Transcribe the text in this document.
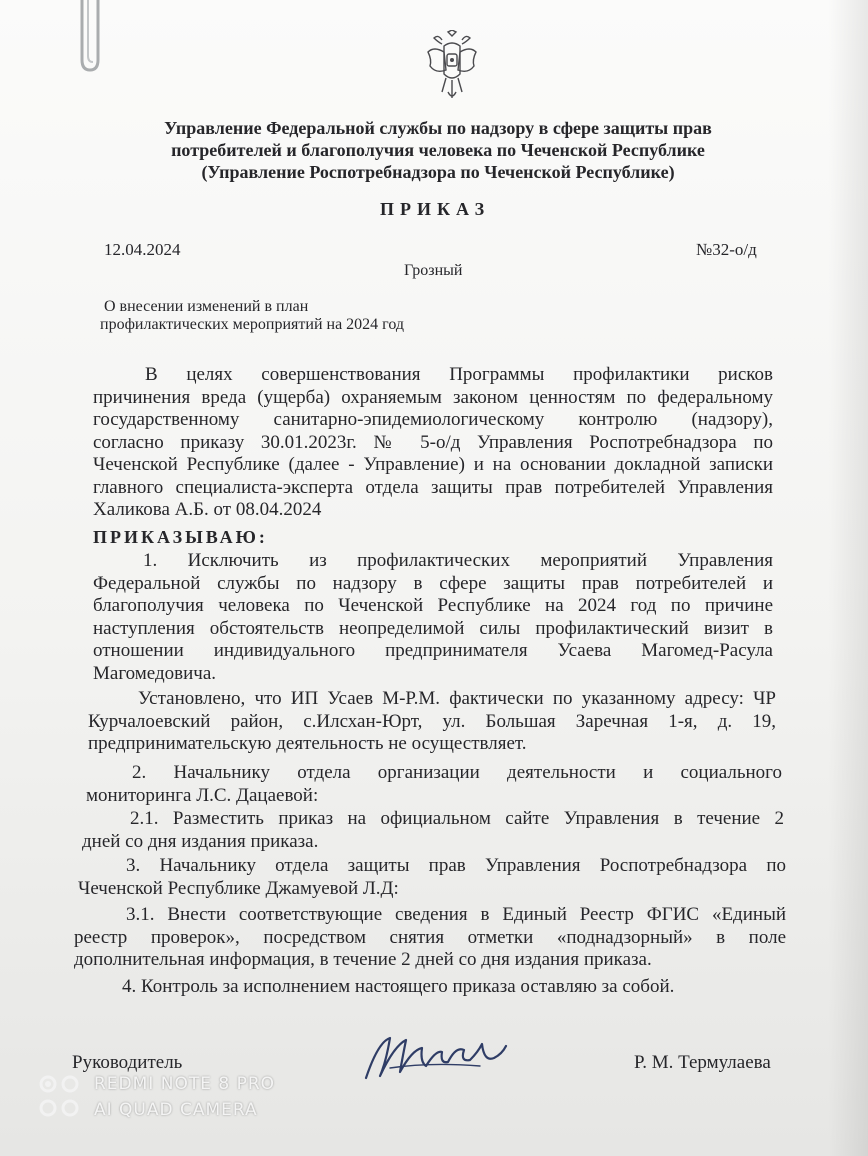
Управление Федеральной службы по надзору в сфере защиты прав
потребителей и благополучия человека по Чеченской Республике
(Управление Роспотребнадзора по Чеченской Республике)
ПРИКАЗ
12.04.2024	№32-о/д
Грозный
О внесении изменений в план
профилактических мероприятий на 2024 год
В целях совершенствования Программы профилактики рисков
причинения вреда (ущерба) охраняемым законом ценностям по федеральному
государственному санитарно-эпидемиологическому контролю (надзору),
согласно приказу 30.01.2023г. № 5-о/д Управления Роспотребнадзора по
Чеченской Республике (далее - Управление) и на основании докладной записки
главного специалиста-эксперта отдела защиты прав потребителей Управления
Халикова А.Б. от 08.04.2024
ПРИКАЗЫВАЮ:
1. Исключить из профилактических мероприятий Управления
Федеральной службы по надзору в сфере защиты прав потребителей и
благополучия человека по Чеченской Республике на 2024 год по причине
наступления обстоятельств неопределимой силы профилактический визит в
отношении индивидуального предпринимателя Усаева Магомед-Расула
Магомедовича.
Установлено, что ИП Усаев М-Р.М. фактически по указанному адресу: ЧР
Курчалоевский район, с.Илсхан-Юрт, ул. Большая Заречная 1-я, д. 19,
предпринимательскую деятельность не осуществляет.
2. Начальнику отдела организации деятельности и социального
мониторинга Л.С. Дацаевой:
2.1. Разместить приказ на официальном сайте Управления в течение 2
дней со дня издания приказа.
3. Начальнику отдела защиты прав Управления Роспотребнадзора по
Чеченской Республике Джамуевой Л.Д:
3.1. Внести соответствующие сведения в Единый Реестр ФГИС «Единый
реестр проверок», посредством снятия отметки «поднадзорный» в поле
дополнительная информация, в течение 2 дней со дня издания приказа.
4. Контроль за исполнением настоящего приказа оставляю за собой.
Руководитель	Р. М. Термулаева
REDMI NOTE 8 PRO
AI QUAD CAMERA
